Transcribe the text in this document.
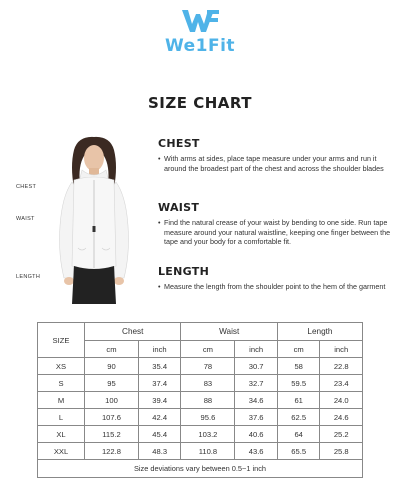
We1Fit
SIZE CHART
CHEST
WAIST
LENGTH
CHEST

• With arms at sides, place tape measure under your arms and run it around the broadest part of the chest and across the shoulder blades

WAIST

• Find the natural crease of your waist by bending to one side. Run tape measure around your natural waistline, keeping one finger between the tape and your body for a comfortable fit.

LENGTH

• Measure the length from the shoulder point to the hem of the garment

SIZE	Chest		Waist		Length	
	cm	inch	cm	inch	cm	inch
XS	90	35.4	78	30.7	58	22.8
S	95	37.4	83	32.7	59.5	23.4
M	100	39.4	88	34.6	61	24.0
L	107.6	42.4	95.6	37.6	62.5	24.6
XL	115.2	45.4	103.2	40.6	64	25.2
XXL	122.8	48.3	110.8	43.6	65.5	25.8
Size deviations vary between 0.5~1 inch						
